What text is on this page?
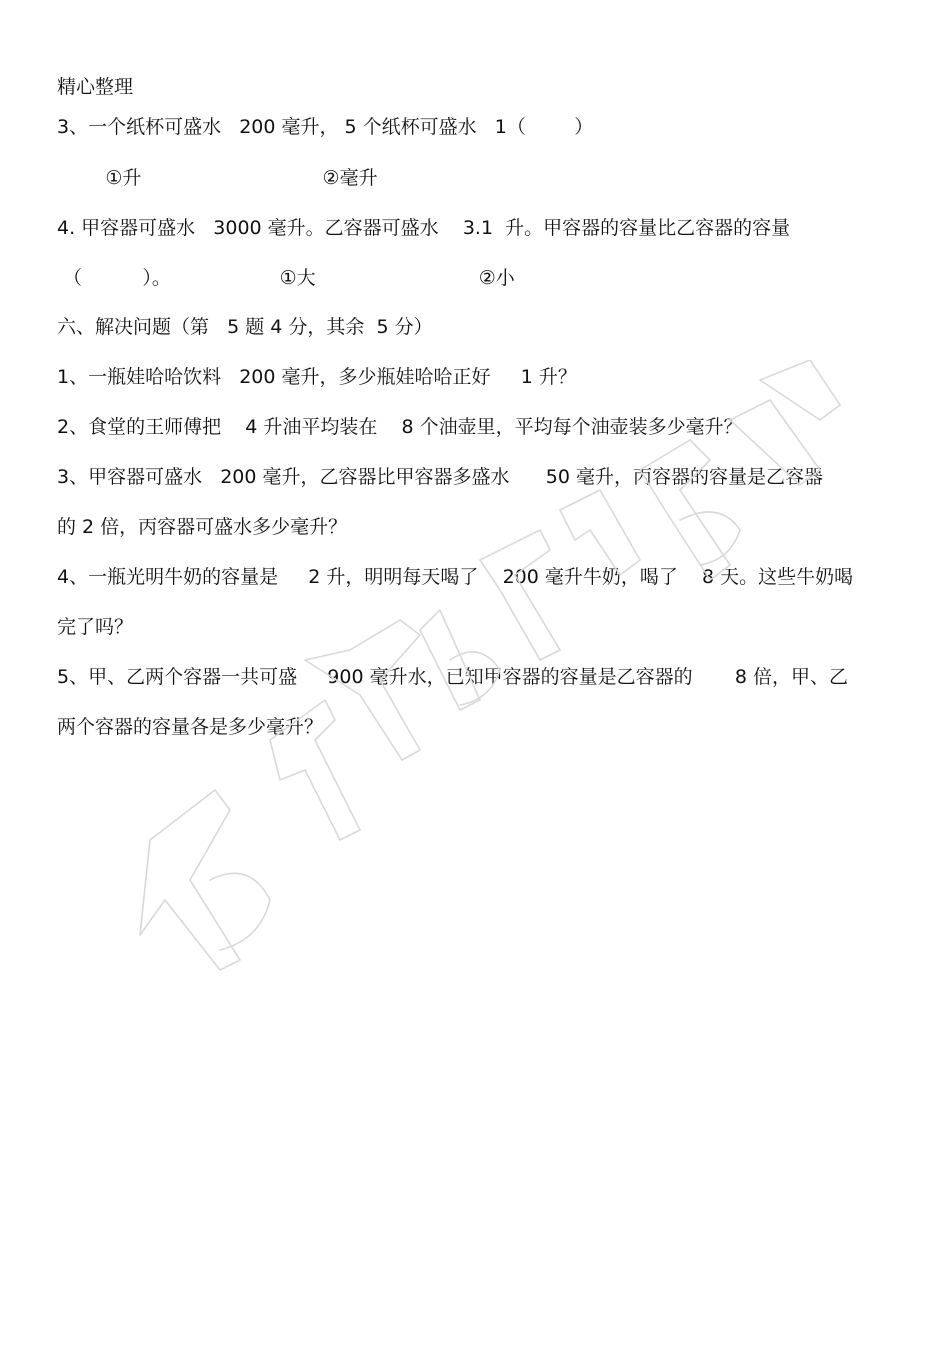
精心整理
3、一个纸杯可盛水   200 毫升， 5 个纸杯可盛水   1（        ）
①升                              ②毫升
4. 甲容器可盛水   3000 毫升。乙容器可盛水    3.1  升。甲容器的容量比乙容器的容量
（          ）。                  ①大                           ②小
六、解决问题（第   5 题 4 分，其余  5 分）
1、一瓶娃哈哈饮料   200 毫升，多少瓶娃哈哈正好     1 升？
2、食堂的王师傅把    4 升油平均装在    8 个油壶里，平均每个油壶装多少毫升？
3、甲容器可盛水   200 毫升，乙容器比甲容器多盛水      50 毫升，丙容器的容量是乙容器
的 2 倍，丙容器可盛水多少毫升？
4、一瓶光明牛奶的容量是     2 升，明明每天喝了    200 毫升牛奶，喝了    8 天。这些牛奶喝
完了吗？
5、甲、乙两个容器一共可盛     900 毫升水，已知甲容器的容量是乙容器的       8 倍，甲、乙
两个容器的容量各是多少毫升？
